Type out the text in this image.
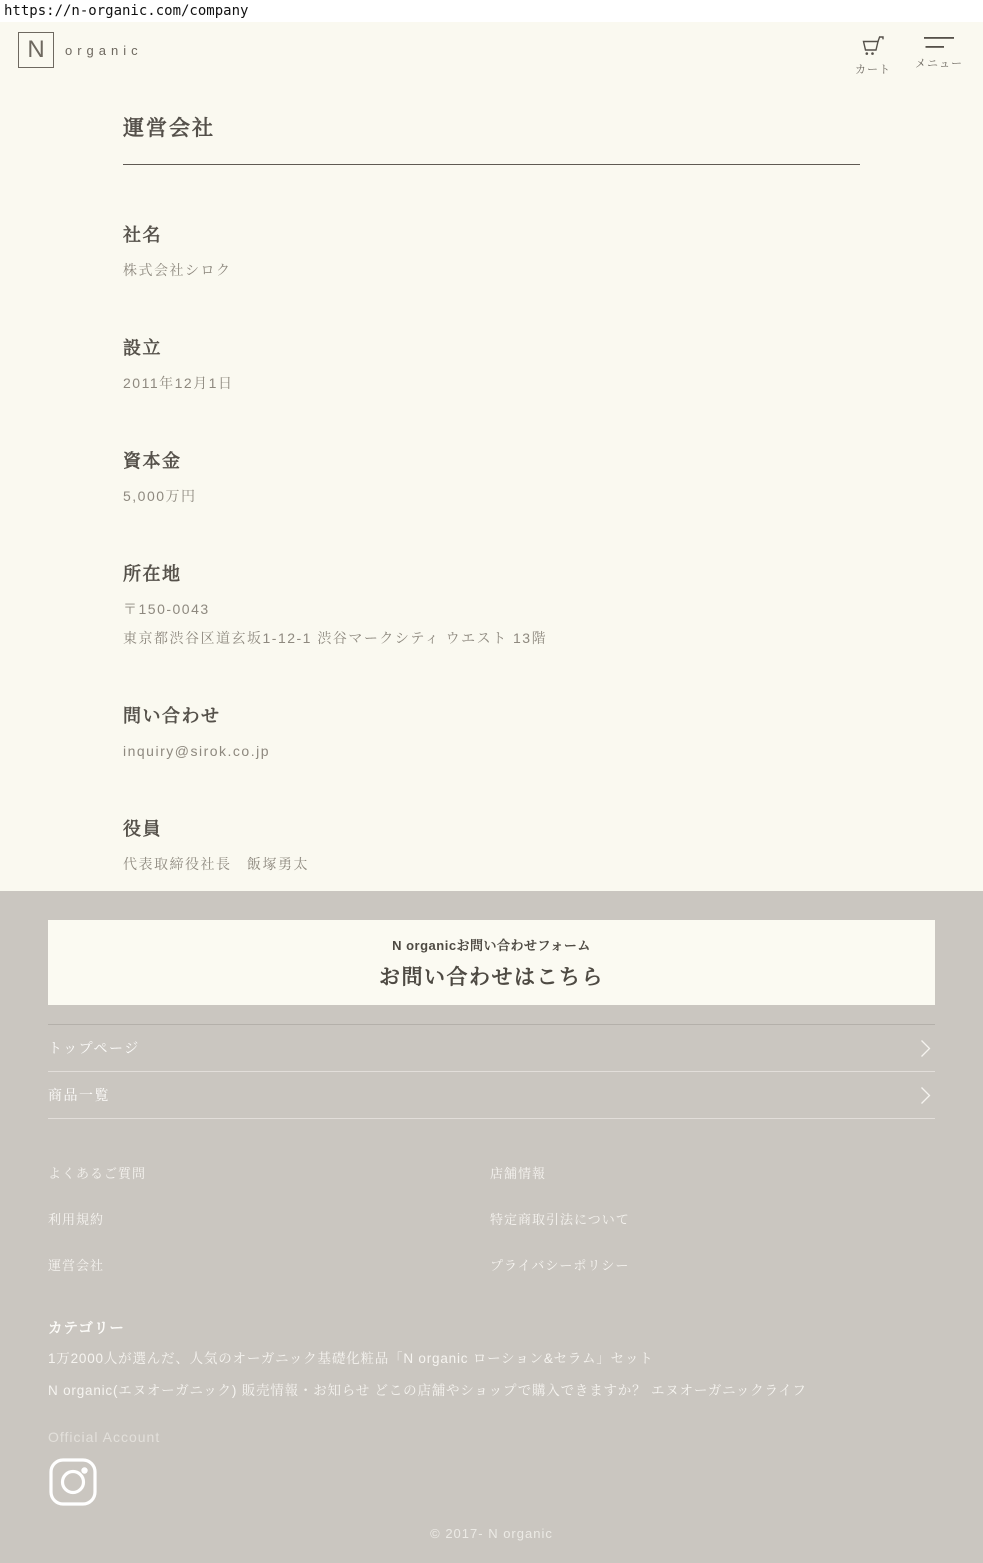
https://n-organic.com/company
N	organic
カート メニュー
運営会社
社名

株式会社シロク

設立

2011年12月1日

資本金

5,000万円

所在地

〒150-0043

東京都渋谷区道玄坂1-12-1 渋谷マークシティ ウエスト 13階

問い合わせ

inquiry@sirok.co.jp

役員

代表取締役社長　飯塚勇太

N organicお問い合わせフォーム

お問い合わせはこちら

トップページ
商品一覧
よくあるご質問
利用規約
運営会社
店舗情報
特定商取引法について
プライバシーポリシー
カテゴリー

1万2000人が選んだ、人気のオーガニック基礎化粧品「N organic ローション&セラム」セット

N organic(エヌオーガニック) 販売情報・お知らせ どこの店舗やショップで購入できますか？ エヌオーガニックライフ

Official Account
© 2017- N organic
